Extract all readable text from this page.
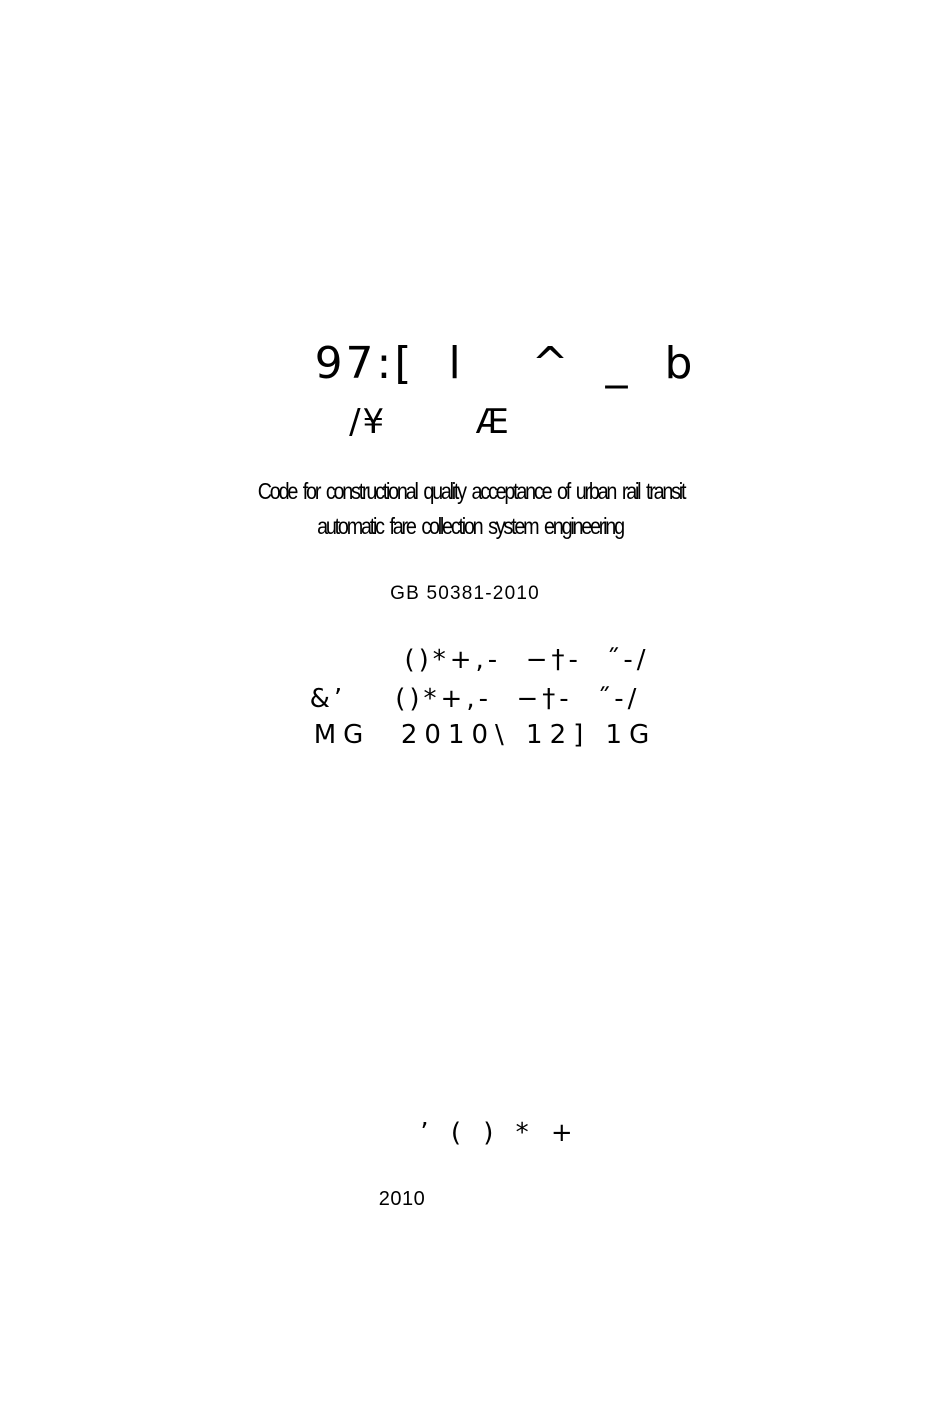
97:[  l    ^  _  b
/¥       Æ
Code for constructional quality acceptance of urban rail transit
automatic fare collection system engineering
GB 50381-2010
()*+,-  −†-  ˝-/
&’    ()*+,-  −†-  ˝-/
MG  2010\ 12] 1G
’ ( ) * +
2010
